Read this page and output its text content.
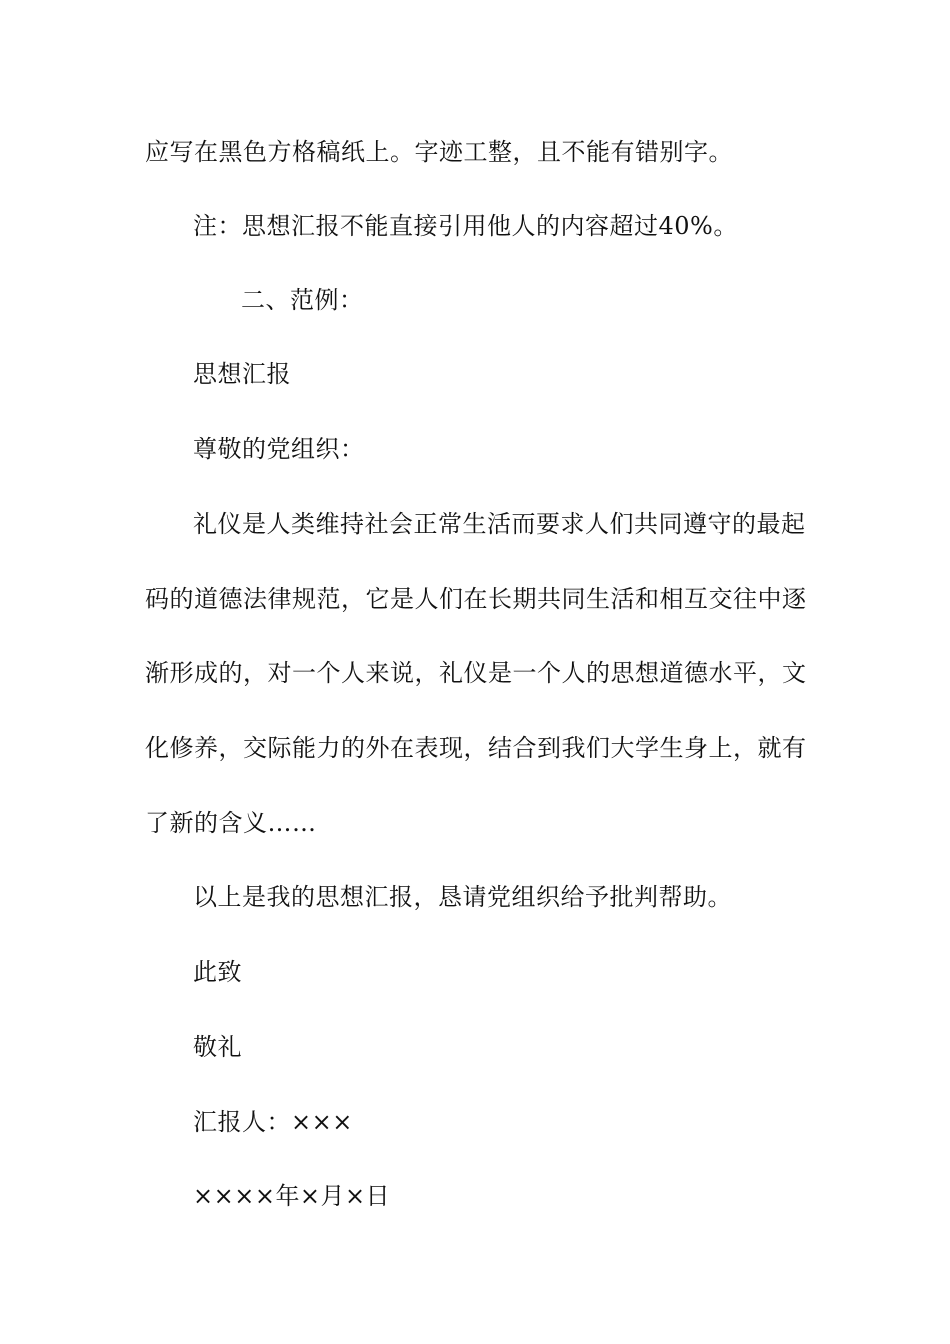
应写在黑色方格稿纸上。字迹工整，且不能有错别字。
注：思想汇报不能直接引用他人的内容超过40%。
二、范例：
思想汇报
尊敬的党组织：
礼仪是人类维持社会正常生活而要求人们共同遵守的最起
码的道德法律规范，它是人们在长期共同生活和相互交往中逐
渐形成的，对一个人来说，礼仪是一个人的思想道德水平，文
化修养，交际能力的外在表现，结合到我们大学生身上，就有
了新的含义……
以上是我的思想汇报，恳请党组织给予批判帮助。
此致
敬礼
汇报人：×××
××××年×月×日
